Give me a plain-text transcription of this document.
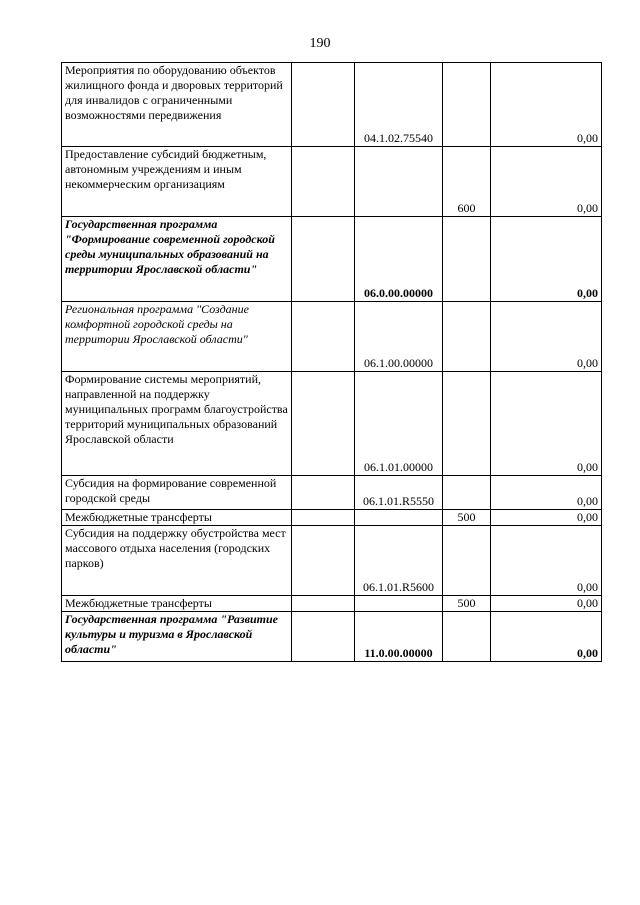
190
Мероприятия по оборудованию объектов жилищного фонда и дворовых территорий для инвалидов с ограниченными возможностями передвижения		04.1.02.75540		0,00
Предоставление субсидий бюджетным, автономным учреждениям и иным некоммерческим организациям			600	0,00
Государственная программа "Формирование современной городской среды муниципальных образований на территории Ярославской области"		06.0.00.00000		0,00
Региональная программа "Создание комфортной городской среды на территории Ярославской области"		06.1.00.00000		0,00
Формирование системы мероприятий, направленной на поддержку муниципальных программ благоустройства территорий муниципальных образований Ярославской области		06.1.01.00000		0,00
Субсидия на формирование современной городской среды		06.1.01.R5550		0,00
Межбюджетные трансферты			500	0,00
Субсидия на поддержку обустройства мест массового отдыха населения (городских парков)		06.1.01.R5600		0,00
Межбюджетные трансферты			500	0,00
Государственная программа "Развитие культуры и туризма в Ярославской области"		11.0.00.00000		0,00
